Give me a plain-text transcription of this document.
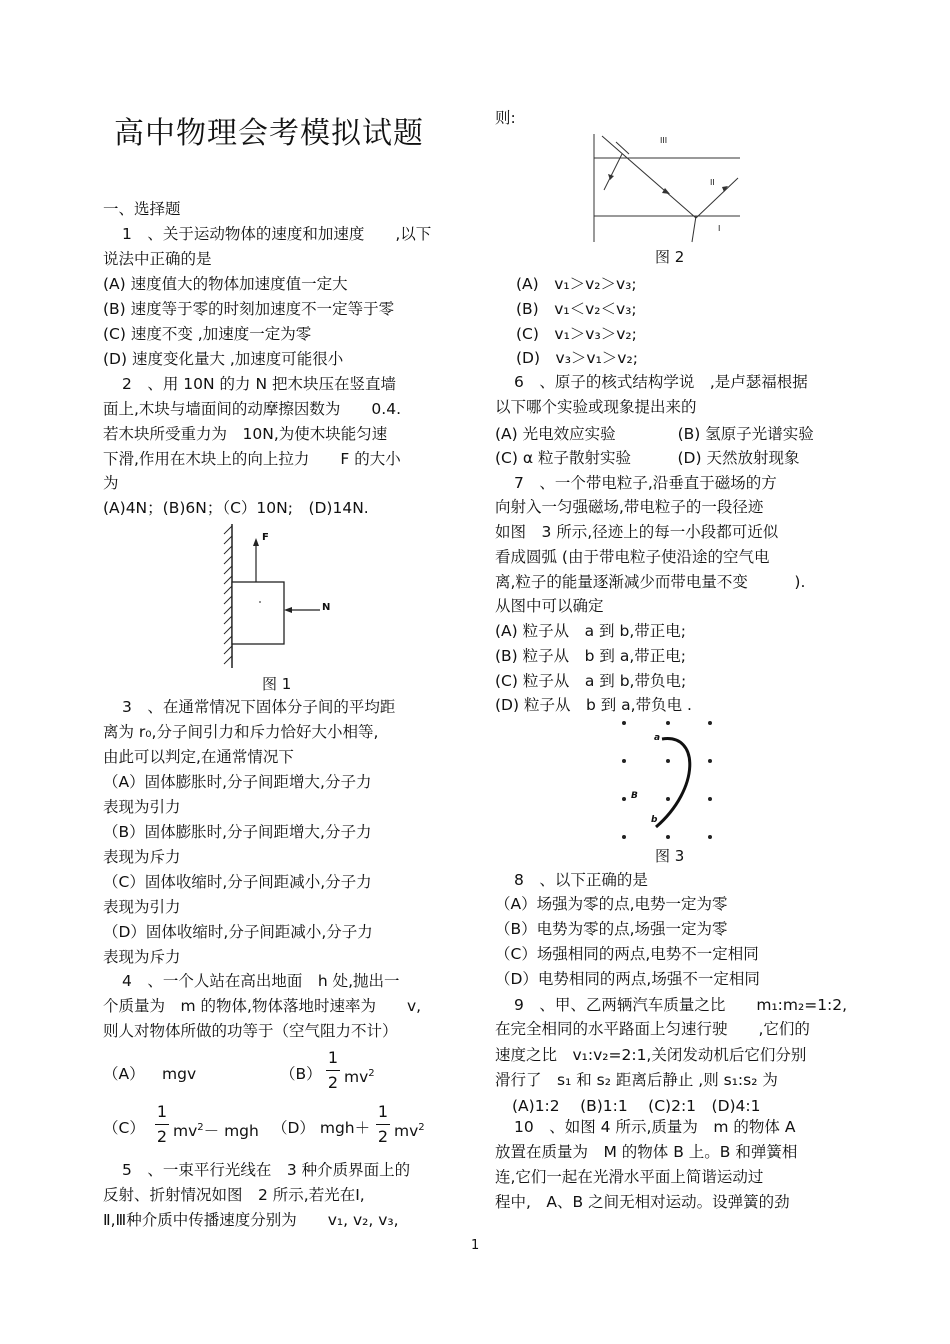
高中物理会考模拟试题
一、选择题
1　、关于运动物体的速度和加速度　　,以下
说法中正确的是
(A) 速度值大的物体加速度值一定大
(B) 速度等于零的时刻加速度不一定等于零
(C) 速度不变 ,加速度一定为零
(D) 速度变化量大 ,加速度可能很小
2　、用 10N 的力 N 把木块压在竖直墙
面上,木块与墙面间的动摩擦因数为　　0.4.
若木块所受重力为　10N,为使木块能匀速
下滑,作用在木块上的向上拉力　　F 的大小
为
(A)4N；(B)6N；（C）10N;　(D)14N.
F
N
图 1
3　、在通常情况下固体分子间的平均距
离为 r₀,分子间引力和斥力恰好大小相等,
由此可以判定,在通常情况下
（A）固体膨胀时,分子间距增大,分子力
表现为引力
（B）固体膨胀时,分子间距增大,分子力
表现为斥力
（C）固体收缩时,分子间距减小,分子力
表现为引力
（D）固体收缩时,分子间距减小,分子力
表现为斥力
4　、一个人站在高出地面　h 处,抛出一
个质量为　m 的物体,物体落地时速率为　　v,
则人对物体所做的功等于（空气阻力不计）
（A） mgv	（B）
1
2 $mv^2$
（C）
1
2 $mv^2-$ mgh （D） mgh＋
1
2 $mv^2$
5　、一束平行光线在　3 种介质界面上的
反射、折射情况如图　2 所示,若光在Ⅰ,
Ⅱ,Ⅲ种介质中传播速度分别为　　v₁, v₂, v₃,
则:
III
II
I
图 2
(A)　v₁＞v₂＞v₃;
(B)　v₁＜v₂＜v₃;
(C)　v₁＞v₃＞v₂;
(D)　v₃＞v₁＞v₂;
6　、原子的核式结构学说　,是卢瑟福根据
以下哪个实验或现象提出来的
(A) 光电效应实验　　　　(B) 氢原子光谱实验
(C) α 粒子散射实验　　　(D) 天然放射现象
7　、一个带电粒子,沿垂直于磁场的方
向射入一匀强磁场,带电粒子的一段径迹
如图　3 所示,径迹上的每一小段都可近似
看成圆弧 (由于带电粒子使沿途的空气电
离,粒子的能量逐渐减少而带电量不变　　　).
从图中可以确定
(A) 粒子从　a 到 b,带正电;
(B) 粒子从　b 到 a,带正电;
(C) 粒子从　a 到 b,带负电;
(D) 粒子从　b 到 a,带负电 .
a
b
B
图 3
8　、以下正确的是
（A）场强为零的点,电势一定为零
（B）电势为零的点,场强一定为零
（C）场强相同的两点,电势不一定相同
（D）电势相同的两点,场强不一定相同
9　、甲、乙两辆汽车质量之比　　m₁:m₂=1:2,
在完全相同的水平路面上匀速行驶　　,它们的
速度之比　v₁:v₂=2:1,关闭发动机后它们分别
滑行了　s₁ 和 s₂ 距离后静止 ,则 s₁:s₂ 为
(A)1:2　 (B)1:1　 (C)2:1　(D)4:1
10　、如图 4 所示,质量为　m 的物体 A
放置在质量为　M 的物体 B 上。B 和弹簧相
连,它们一起在光滑水平面上简谐运动过
程中,　A、B 之间无相对运动。设弹簧的劲
1
